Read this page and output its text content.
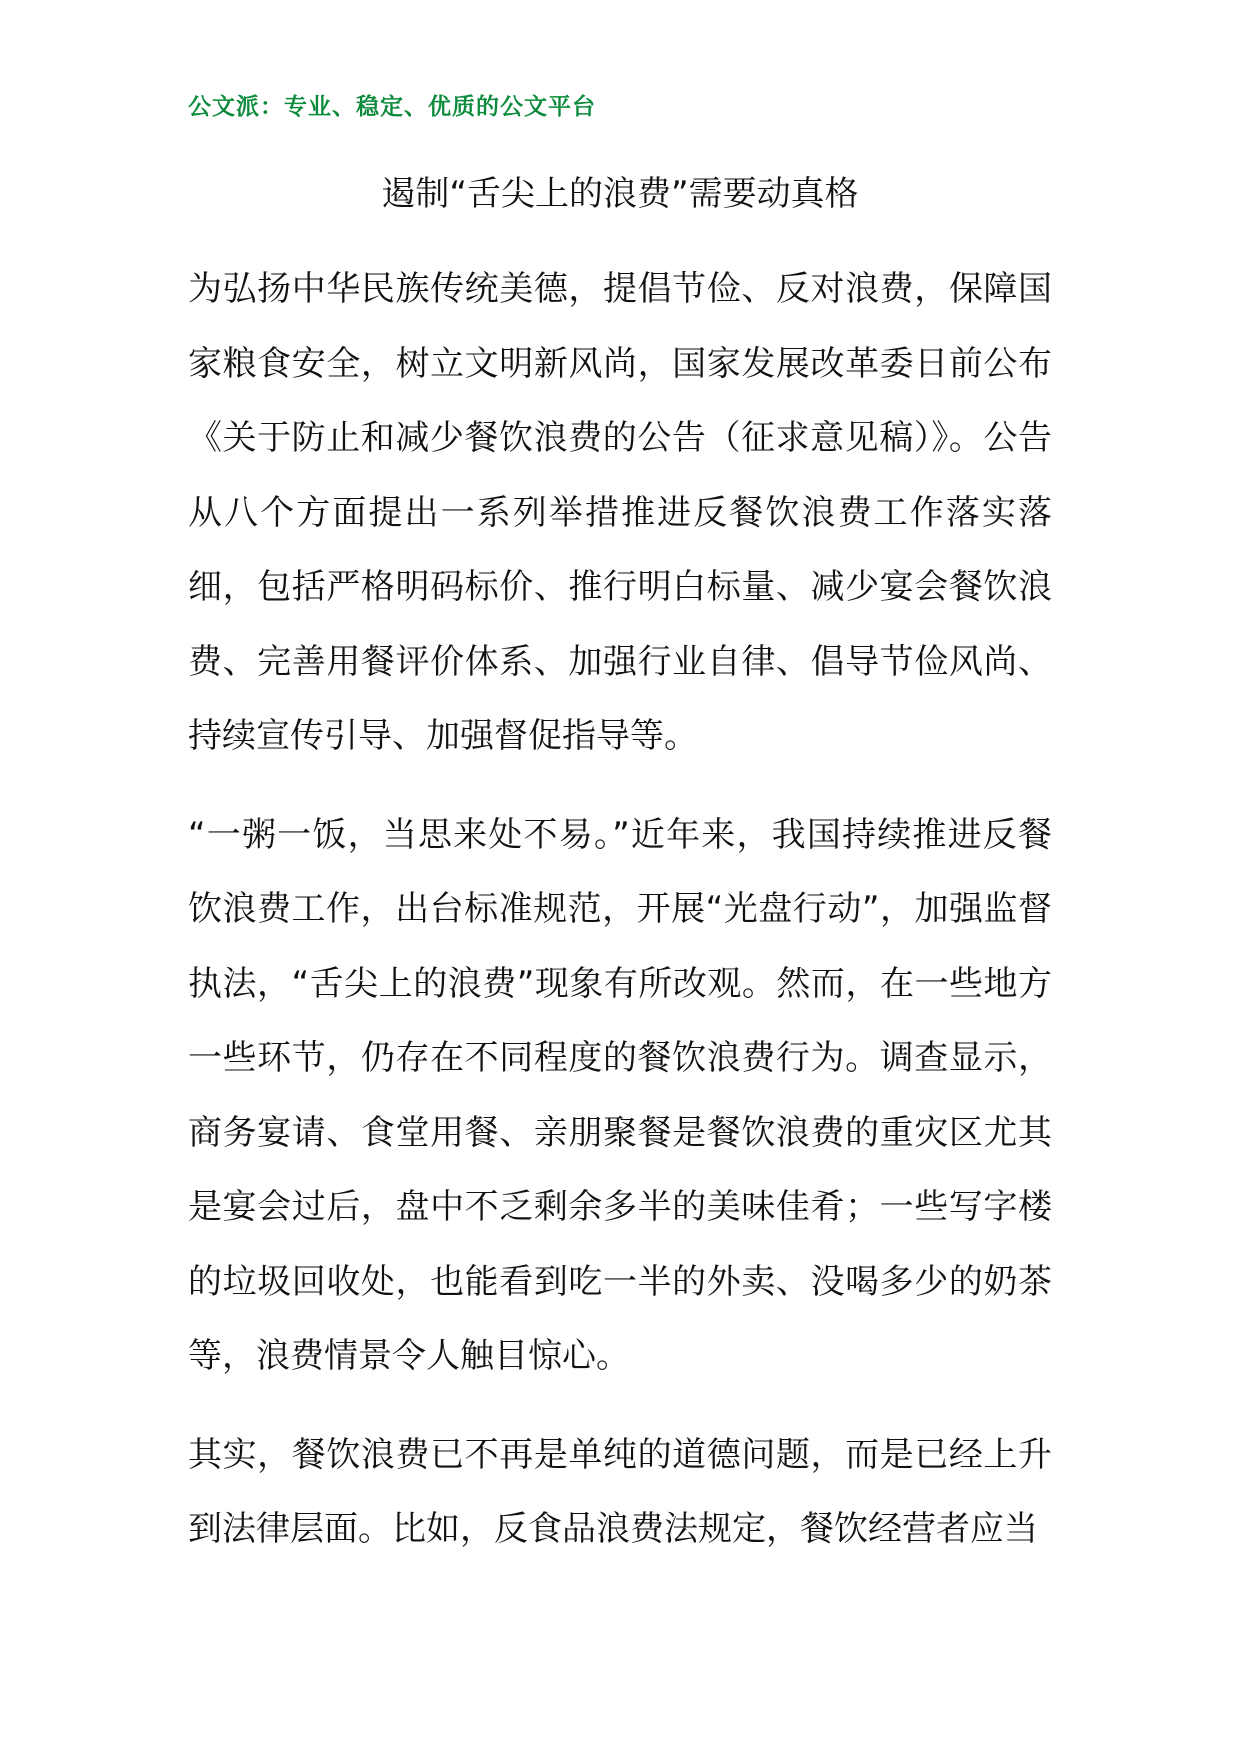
公文派：专业、稳定、优质的公文平台
遏制“舌尖上的浪费”需要动真格

为弘扬中华民族传统美德，提倡节俭、反对浪费，保障国家粮食安全，树立文明新风尚，国家发展改革委日前公布《关于防止和减少餐饮浪费的公告（征求意见稿）》。公告从八个方面提出一系列举措推进反餐饮浪费工作落实落细，包括严格明码标价、推行明白标量、减少宴会餐饮浪费、完善用餐评价体系、加强行业自律、倡导节俭风尚、持续宣传引导、加强督促指导等。

“一粥一饭，当思来处不易。”近年来，我国持续推进反餐饮浪费工作，出台标准规范，开展“光盘行动”，加强监督执法，“舌尖上的浪费”现象有所改观。然而，在一些地方一些环节，仍存在不同程度的餐饮浪费行为。调查显示，商务宴请、食堂用餐、亲朋聚餐是餐饮浪费的重灾区尤其是宴会过后，盘中不乏剩余多半的美味佳肴；一些写字楼的垃圾回收处，也能看到吃一半的外卖、没喝多少的奶茶等，浪费情景令人触目惊心。

其实，餐饮浪费已不再是单纯的道德问题，而是已经上升到法律层面。比如，反食品浪费法规定，餐饮经营者应当
